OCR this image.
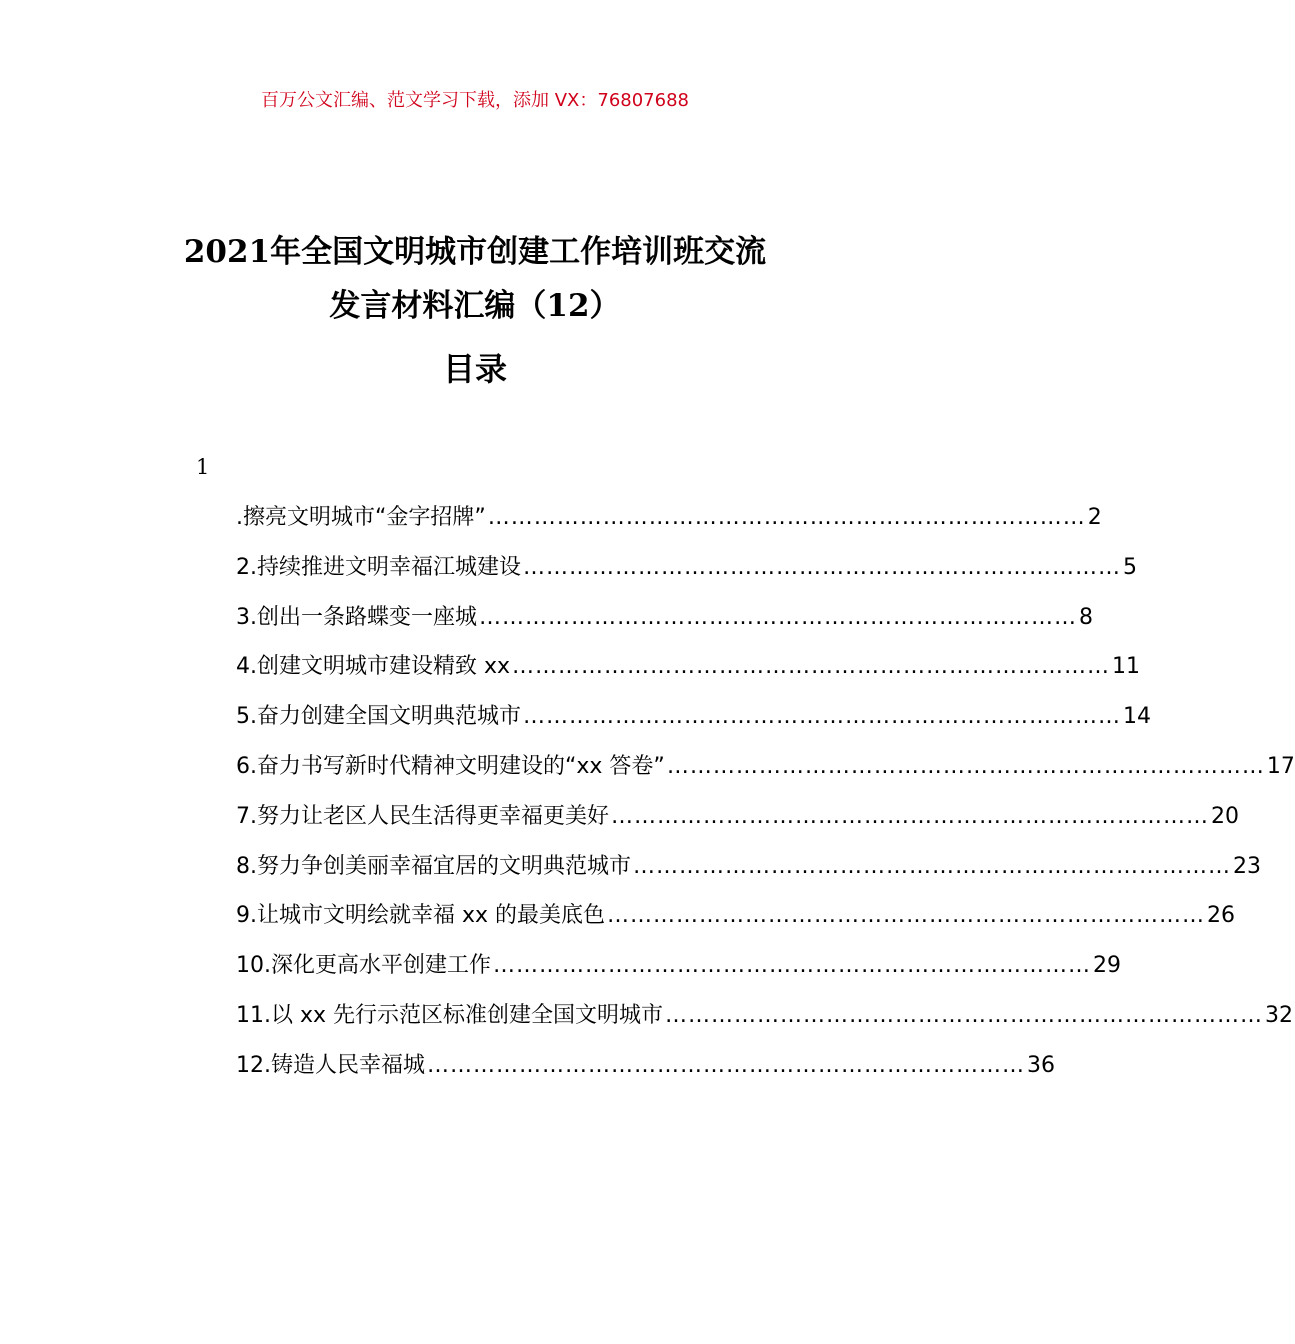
百万公文汇编、范文学习下载，添加 VX：76807688
2021年全国文明城市创建工作培训班交流
发言材料汇编（12）
目录
1
.擦亮文明城市“金字招牌” …………………………………………………………………… 2
2.持续推进文明幸福江城建设 …………………………………………………………………… 5
3.创出一条路蝶变一座城 …………………………………………………………………… 8
4.创建文明城市建设精致 xx …………………………………………………………………… 11
5.奋力创建全国文明典范城市 …………………………………………………………………… 14
6.奋力书写新时代精神文明建设的“xx 答卷” …………………………………………………………………… 17
7.努力让老区人民生活得更幸福更美好 …………………………………………………………………… 20
8.努力争创美丽幸福宜居的文明典范城市 …………………………………………………………………… 23
9.让城市文明绘就幸福 xx 的最美底色 …………………………………………………………………… 26
10.深化更高水平创建工作 …………………………………………………………………… 29
11.以 xx 先行示范区标准创建全国文明城市 …………………………………………………………………… 32
12.铸造人民幸福城 …………………………………………………………………… 36
